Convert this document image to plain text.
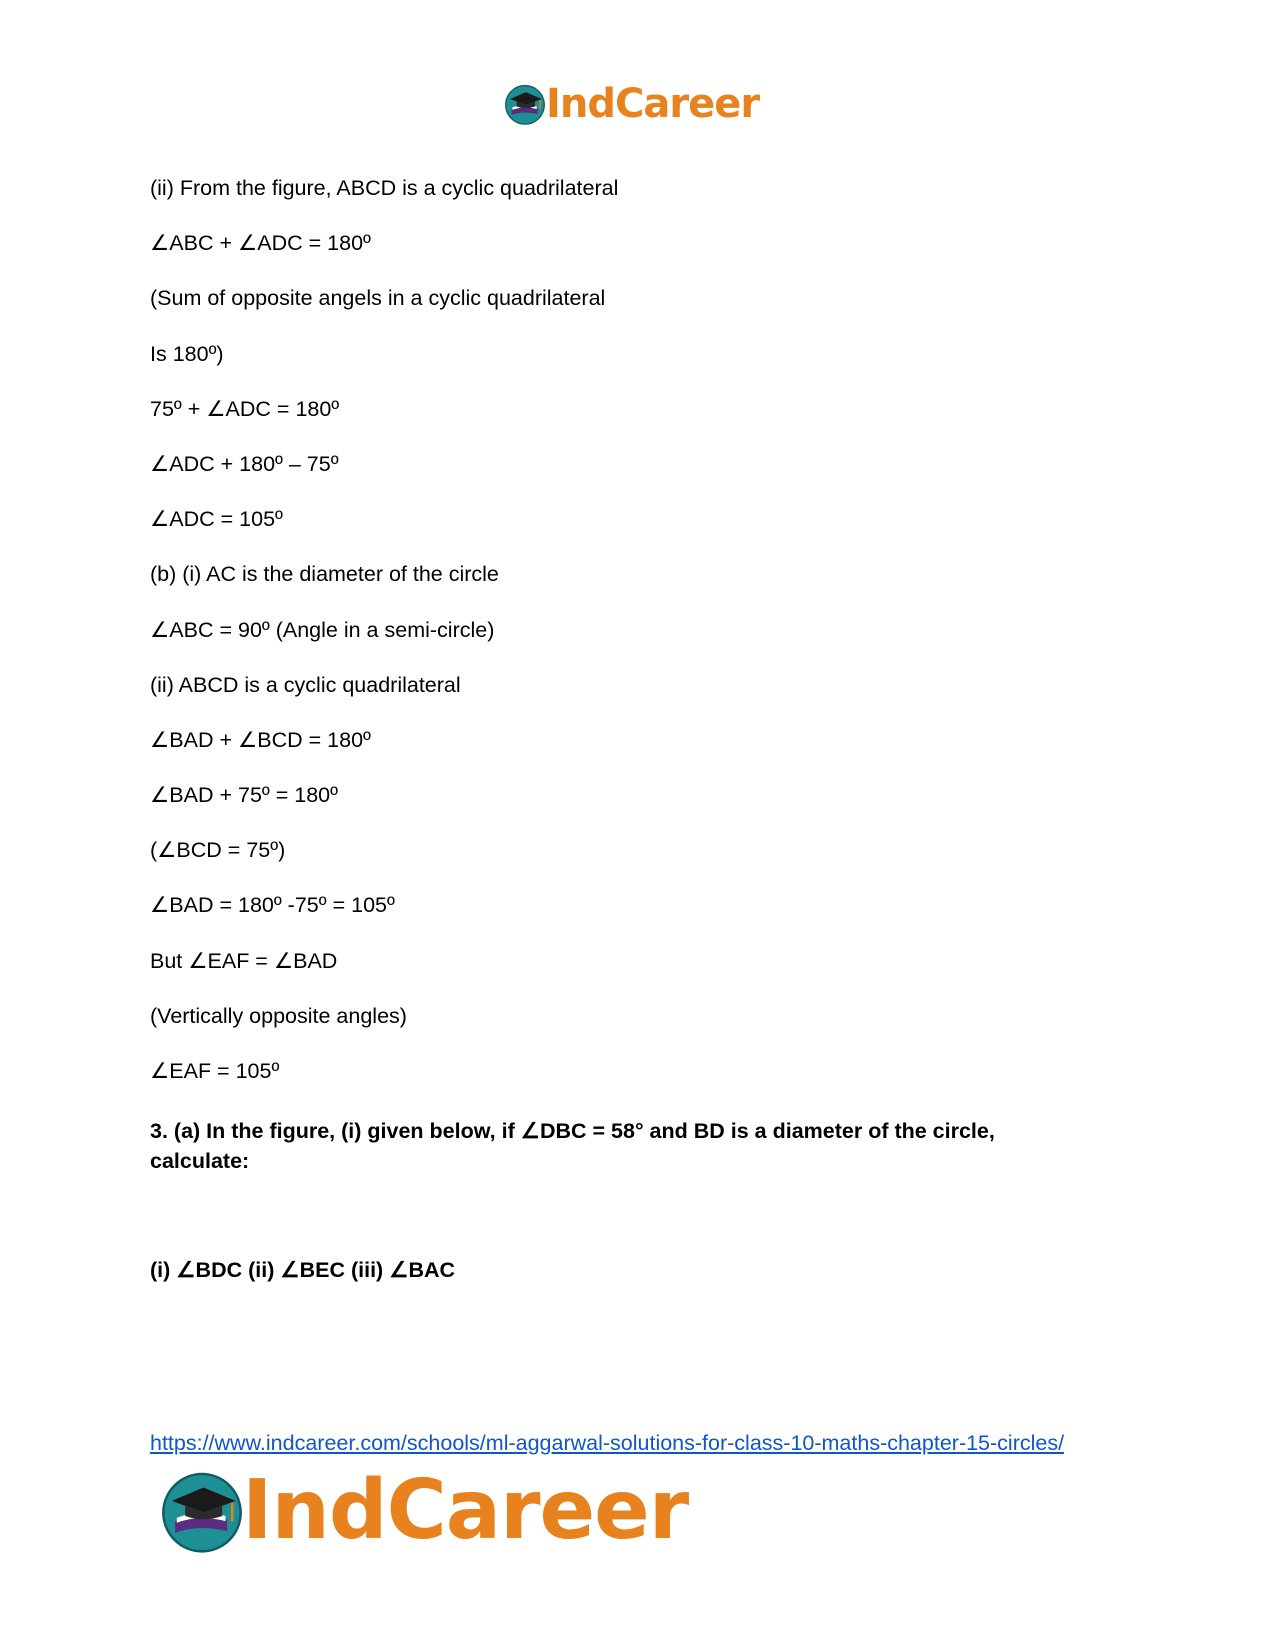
IndCareer
(ii) From the figure, ABCD is a cyclic quadrilateral
∠ABC + ∠ADC = 180º
(Sum of opposite angels in a cyclic quadrilateral
Is 180º)
75º + ∠ADC = 180º
∠ADC + 180º – 75º
∠ADC = 105º
(b) (i) AC is the diameter of the circle
∠ABC = 90º (Angle in a semi-circle)
(ii) ABCD is a cyclic quadrilateral
∠BAD + ∠BCD = 180º
∠BAD + 75º = 180º
(∠BCD = 75º)
∠BAD = 180º -75º = 105º
But ∠EAF = ∠BAD
(Vertically opposite angles)
∠EAF = 105º
3. (a) In the figure, (i) given below, if ∠DBC = 58° and BD is a diameter of the circle, calculate:
(i) ∠BDC (ii) ∠BEC (iii) ∠BAC
https://www.indcareer.com/schools/ml-aggarwal-solutions-for-class-10-maths-chapter-15-circles/
IndCareer
